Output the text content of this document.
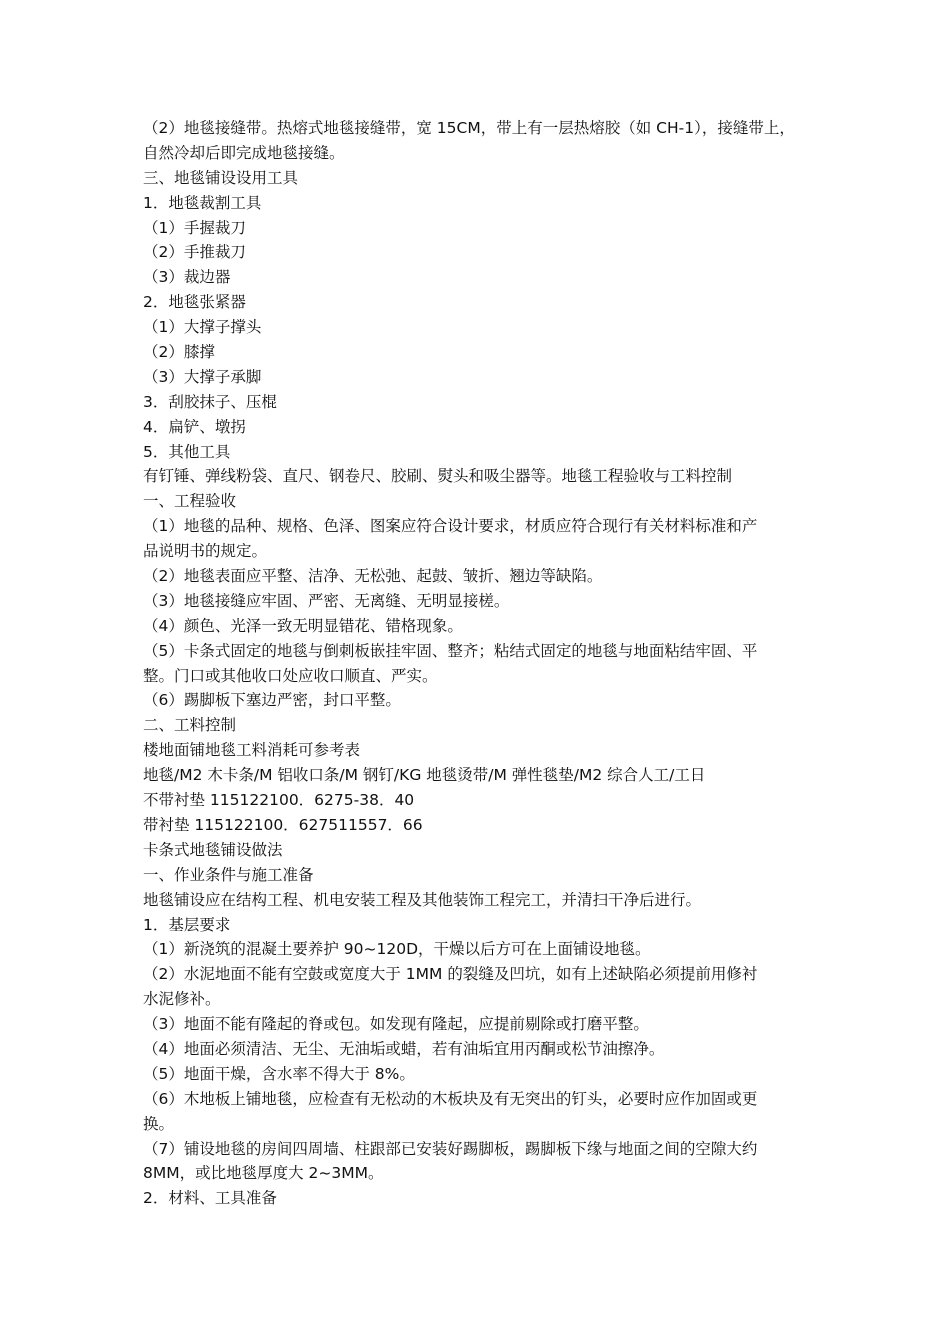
（2）地毯接缝带。热熔式地毯接缝带，宽 15CM，带上有一层热熔胶（如 CH-1），接缝带上，
自然冷却后即完成地毯接缝。
三、地毯铺设设用工具
1．地毯裁割工具
（1）手握裁刀
（2）手推裁刀
（3）裁边器
2．地毯张紧器
（1）大撑子撑头
（2）膝撑
（3）大撑子承脚
3．刮胶抹子、压棍
4．扁铲、墩拐
5．其他工具
有钉锤、弹线粉袋、直尺、钢卷尺、胶刷、熨头和吸尘器等。地毯工程验收与工料控制
一、工程验收
（1）地毯的品种、规格、色泽、图案应符合设计要求，材质应符合现行有关材料标准和产
品说明书的规定。
（2）地毯表面应平整、洁净、无松弛、起鼓、皱折、翘边等缺陷。
（3）地毯接缝应牢固、严密、无离缝、无明显接槎。
（4）颜色、光泽一致无明显错花、错格现象。
（5）卡条式固定的地毯与倒刺板嵌挂牢固、整齐；粘结式固定的地毯与地面粘结牢固、平
整。门口或其他收口处应收口顺直、严实。
（6）踢脚板下塞边严密，封口平整。
二、工料控制
楼地面铺地毯工料消耗可参考表
地毯/M2 木卡条/M 铝收口条/M 钢钉/KG 地毯烫带/M 弹性毯垫/M2 综合人工/工日
不带衬垫 115122100．6275-38．40
带衬垫 115122100．627511557．66
卡条式地毯铺设做法
一、作业条件与施工准备
地毯铺设应在结构工程、机电安装工程及其他装饰工程完工，并清扫干净后进行。
1．基层要求
（1）新浇筑的混凝土要养护 90~120D，干燥以后方可在上面铺设地毯。
（2）水泥地面不能有空鼓或宽度大于 1MM 的裂缝及凹坑，如有上述缺陷必须提前用修衬
水泥修补。
（3）地面不能有隆起的脊或包。如发现有隆起，应提前剔除或打磨平整。
（4）地面必须清洁、无尘、无油垢或蜡，若有油垢宜用丙酮或松节油擦净。
（5）地面干燥，含水率不得大于 8%。
（6）木地板上铺地毯，应检查有无松动的木板块及有无突出的钉头，必要时应作加固或更
换。
（7）铺设地毯的房间四周墙、柱跟部已安装好踢脚板，踢脚板下缘与地面之间的空隙大约
8MM，或比地毯厚度大 2~3MM。
2．材料、工具准备
